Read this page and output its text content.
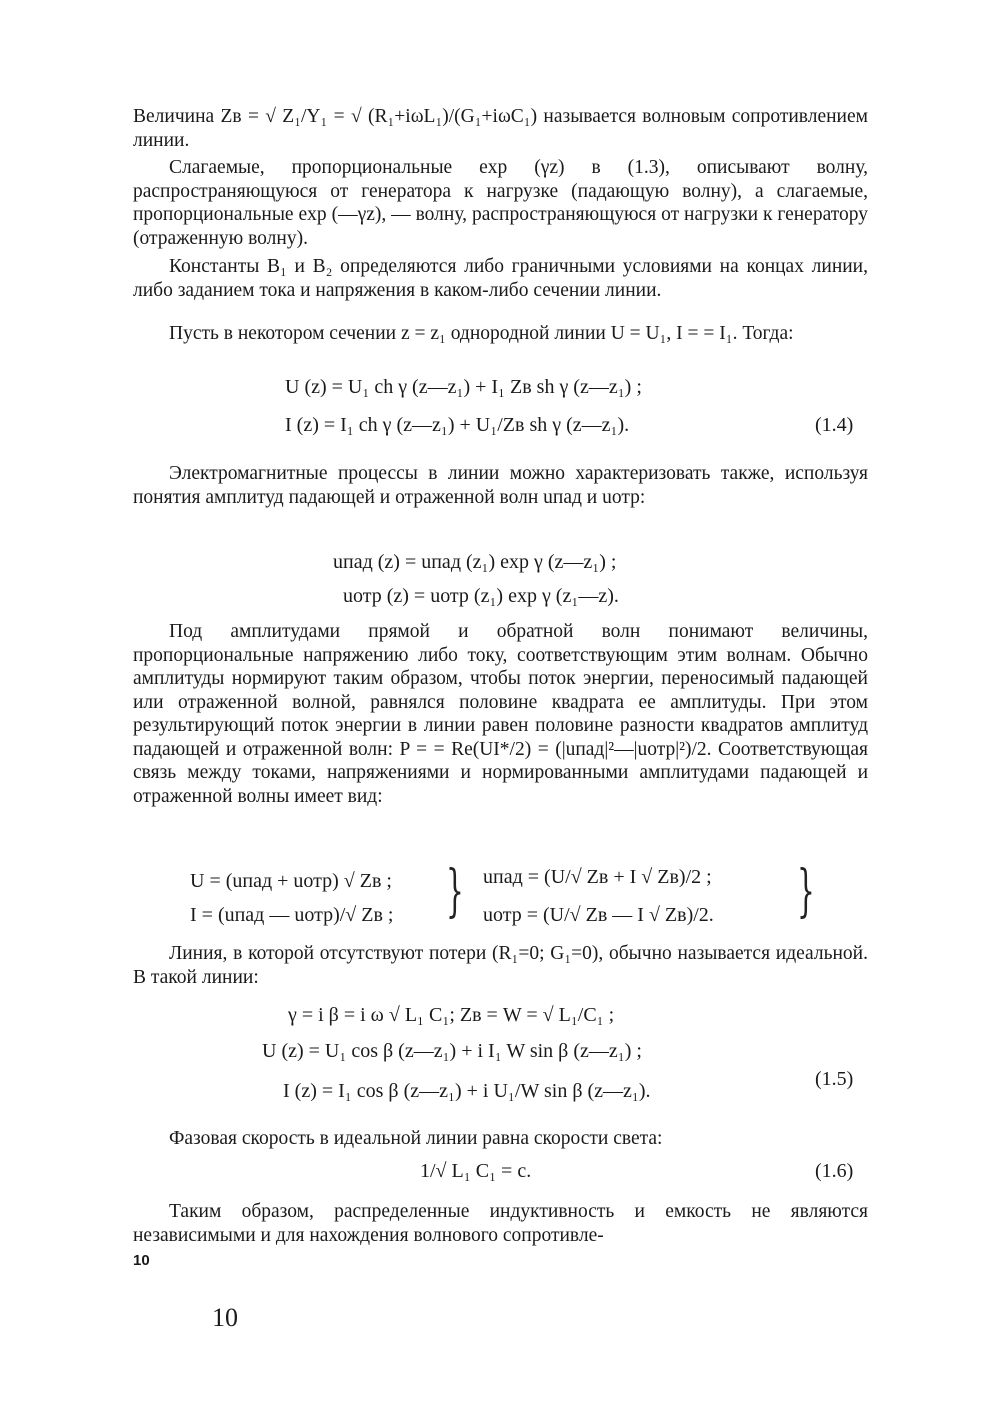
Величина Zв = √ Z₁/Y₁ = √ (R₁+iωL₁)/(G₁+iωC₁) называется волновым сопротивлением линии.
Слагаемые, пропорциональные exp (γz) в (1.3), описывают волну, распространяющуюся от генератора к нагрузке (падающую волну), а слагаемые, пропорциональные exp (—γz), — волну, распространяющуюся от нагрузки к генератору (отраженную волну).
Константы B₁ и B₂ определяются либо граничными условиями на концах линии, либо заданием тока и напряжения в каком-либо сечении линии.
Пусть в некотором сечении z = z₁ однородной линии U = U₁, I = = I₁. Тогда:
U (z) = U₁ ch γ (z—z₁) + I₁ Zв sh γ (z—z₁) ;
I (z) = I₁ ch γ (z—z₁) + U₁/Zв sh γ (z—z₁).	(1.4)
Электромагнитные процессы в линии можно характеризовать также, используя понятия амплитуд падающей и отраженной волн uпад и uотр:
uпад (z) = uпад (z₁) exp γ (z—z₁) ;
uотр (z) = uотр (z₁) exp γ (z₁—z).
Под амплитудами прямой и обратной волн понимают величины, пропорциональные напряжению либо току, соответствующим этим волнам. Обычно амплитуды нормируют таким образом, чтобы поток энергии, переносимый падающей или отраженной волной, равнялся половине квадрата ее амплитуды. При этом результирующий поток энергии в линии равен половине разности квадратов амплитуд падающей и отраженной волн: P = = Re(UI*/2) = (|uпад|²—|uотр|²)/2. Соответствующая связь между токами, напряжениями и нормированными амплитудами падающей и отраженной волны имеет вид:
U = (uпад + uотр) √ Zв ;
I = (uпад — uотр)/√ Zв ; } uпад = (U/√ Zв + I √ Zв)/2 ;
uотр = (U/√ Zв — I √ Zв)/2. }
Линия, в которой отсутствуют потери (R₁=0; G₁=0), обычно называется идеальной. В такой линии:
γ = i β = i ω √ L₁ C₁; Zв = W = √ L₁/C₁ ;
U (z) = U₁ cos β (z—z₁) + i I₁ W sin β (z—z₁) ;
I (z) = I₁ cos β (z—z₁) + i U₁/W sin β (z—z₁).
(1.5)
Фазовая скорость в идеальной линии равна скорости света:
1/√ L₁ C₁ = c.	(1.6)
Таким образом, распределенные индуктивность и емкость не являются независимыми и для нахождения волнового сопротивле-
10
10
